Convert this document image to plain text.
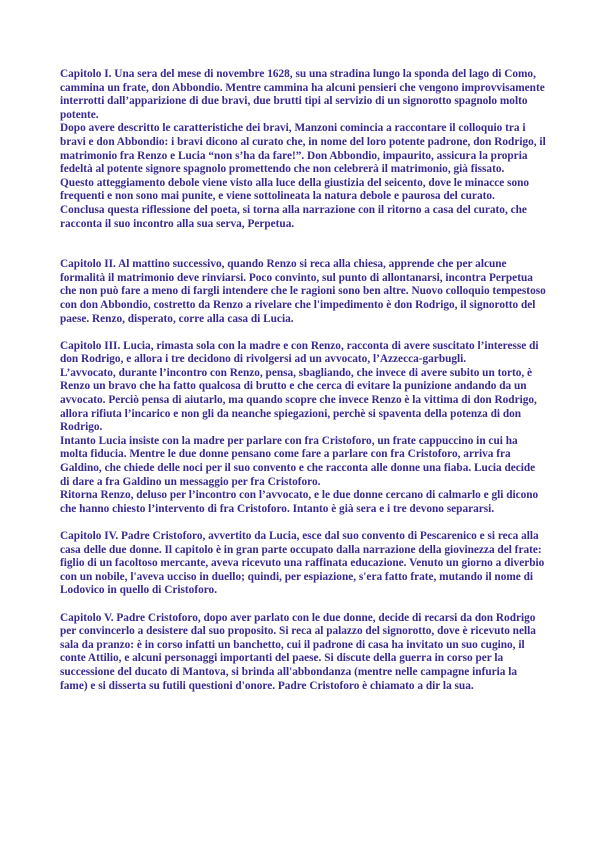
Capitolo I. Una sera del mese di novembre 1628, su una stradina lungo la sponda del lago di Como, cammina un frate, don Abbondio. Mentre cammina ha alcuni pensieri che vengono improvvisamente interrotti dall’apparizione di due bravi, due brutti tipi al servizio di un signorotto spagnolo molto potente.

Dopo avere descritto le caratteristiche dei bravi, Manzoni comincia a raccontare il colloquio tra i bravi e don Abbondio: i bravi dicono al curato che, in nome del loro potente padrone, don Rodrigo, il matrimonio fra Renzo e Lucia “non s’ha da fare!”. Don Abbondio, impaurito, assicura la propria fedeltà al potente signore spagnolo promettendo che non celebrerà il matrimonio, già fissato.

Questo atteggiamento debole viene visto alla luce della giustizia del seicento, dove le minacce sono frequenti e non sono mai punite, e viene sottolineata la natura debole e paurosa del curato.

Conclusa questa riflessione del poeta, si torna alla narrazione con il ritorno a casa del curato, che racconta il suo incontro alla sua serva, Perpetua.

Capitolo II. Al mattino successivo, quando Renzo si reca alla chiesa, apprende che per alcune formalità il matrimonio deve rinviarsi. Poco convinto, sul punto di allontanarsi, incontra Perpetua che non può fare a meno di fargli intendere che le ragioni sono ben altre. Nuovo colloquio tempestoso con don Abbondio, costretto da Renzo a rivelare che l'impedimento è don Rodrigo, il signorotto del paese. Renzo, disperato, corre alla casa di Lucia.

Capitolo III. Lucia, rimasta sola con la madre e con Renzo, racconta di avere suscitato l’interesse di don Rodrigo, e allora i tre decidono di rivolgersi ad un avvocato, l’Azzecca-garbugli.

L’avvocato, durante l’incontro con Renzo, pensa, sbagliando, che invece di avere subito un torto, è Renzo un bravo che ha fatto qualcosa di brutto e che cerca di evitare la punizione andando da un avvocato. Perciò pensa di aiutarlo, ma quando scopre che invece Renzo è la vittima di don Rodrigo, allora rifiuta l’incarico e non gli da neanche spiegazioni, perchè si spaventa della potenza di don Rodrigo.

Intanto Lucia insiste con la madre per parlare con fra Cristoforo, un frate cappuccino in cui ha molta fiducia. Mentre le due donne pensano come fare a parlare con fra Cristoforo, arriva fra Galdino, che chiede delle noci per il suo convento e che racconta alle donne una fiaba. Lucia decide di dare a fra Galdino un messaggio per fra Cristoforo.

Ritorna Renzo, deluso per l’incontro con l’avvocato, e le due donne cercano di calmarlo e gli dicono che hanno chiesto l’intervento di fra Cristoforo. Intanto è già sera e i tre devono separarsi.

Capitolo IV. Padre Cristoforo, avvertito da Lucia, esce dal suo convento di Pescarenico e si reca alla casa delle due donne. Il capitolo è in gran parte occupato dalla narrazione della giovinezza del frate: figlio di un facoltoso mercante, aveva ricevuto una raffinata educazione. Venuto un giorno a diverbio con un nobile, l'aveva ucciso in duello; quindi, per espiazione, s'era fatto frate, mutando il nome di Lodovico in quello di Cristoforo.

Capitolo V. Padre Cristoforo, dopo aver parlato con le due donne, decide di recarsi da don Rodrigo per convincerlo a desistere dal suo proposito. Si reca al palazzo del signorotto, dove è ricevuto nella sala da pranzo: è in corso infatti un banchetto, cui il padrone di casa ha invitato un suo cugino, il conte Attilio, e alcuni personaggi importanti del paese. Si discute della guerra in corso per la successione del ducato di Mantova, si brinda all'abbondanza (mentre nelle campagne infuria la fame) e si disserta su futili questioni d'onore. Padre Cristoforo è chiamato a dir la sua.
